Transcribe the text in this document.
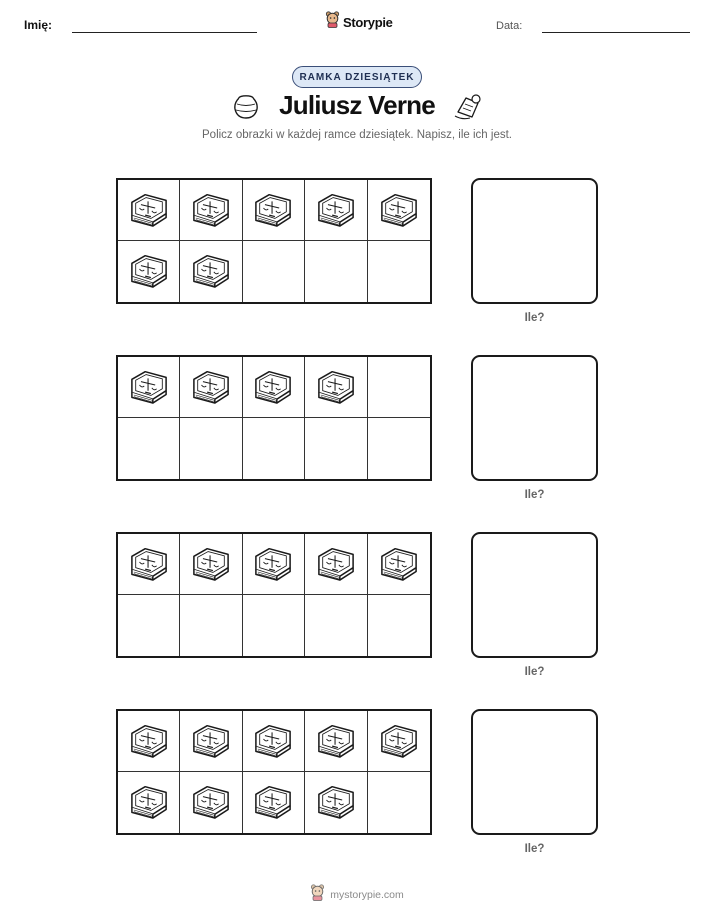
Imię:	Storypie	Data:
RAMKA DZIESIĄTEK
Juliusz Verne
Policz obrazki w każdej ramce dziesiątek. Napisz, ile ich jest.
Ile?
Ile?
Ile?
Ile?
mystorypie.com
